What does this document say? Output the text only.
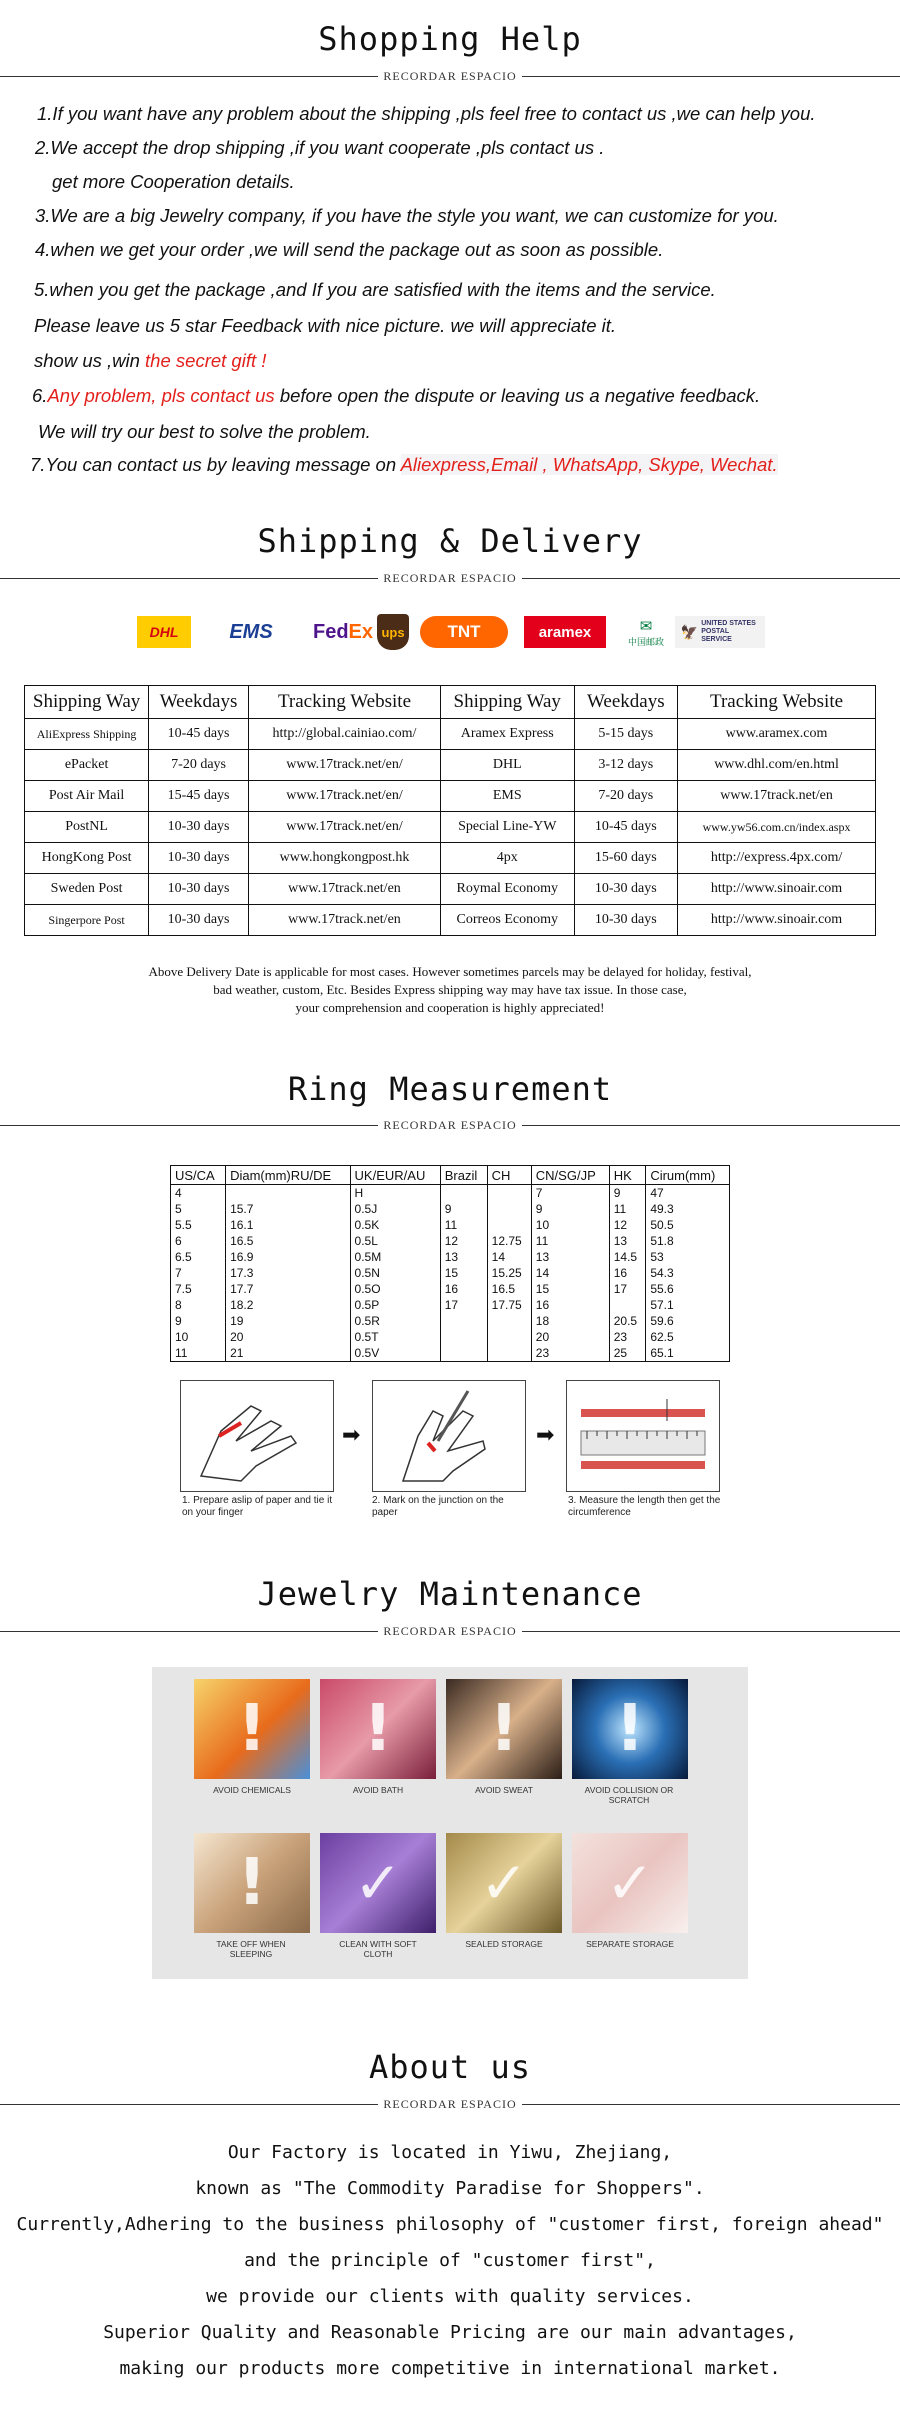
Shopping Help
RECORDAR ESPACIO
1.If you want have any problem about the shipping ,pls feel free to contact us ,we can help you.
2.We accept the drop shipping ,if you want cooperate ,pls contact us .
get more Cooperation details.
3.We are a big Jewelry company, if you have the style you want, we can customize for you.
4.when we get your order ,we will send the package out as soon as possible.
5.when you get the package ,and If you are satisfied with the items and the service.
Please leave us 5 star Feedback with nice picture. we will appreciate it.
show us ,win the secret gift !
6.Any problem, pls contact us before open the dispute or leaving us a negative feedback.
We will try our best to solve the problem.
7.You can contact us by leaving message on Aliexpress,Email , WhatsApp, Skype, Wechat.
Shipping & Delivery
RECORDAR ESPACIO
DHL	EMS	Fed Ex ups	TNT	aramex	✉
中国邮政
🦅
UNITED STATES POSTAL SERVICE
Shipping Way	Weekdays	Tracking Website	Shipping Way	Weekdays	Tracking Website
AliExpress Shipping	10-45 days	http://global.cainiao.com/	Aramex Express	5-15 days	www.aramex.com
ePacket	7-20 days	www.17track.net/en/	DHL	3-12 days	www.dhl.com/en.html
Post Air Mail	15-45 days	www.17track.net/en/	EMS	7-20 days	www.17track.net/en
PostNL	10-30 days	www.17track.net/en/	Special Line-YW	10-45 days	www.yw56.com.cn/index.aspx
HongKong Post	10-30 days	www.hongkongpost.hk	4px	15-60 days	http://express.4px.com/
Sweden Post	10-30 days	www.17track.net/en	Roymal Economy	10-30 days	http://www.sinoair.com
Singerpore Post	10-30 days	www.17track.net/en	Correos Economy	10-30 days	http://www.sinoair.com
Above Delivery Date is applicable for most cases. However sometimes parcels may be delayed for holiday, festival,
bad weather, custom, Etc. Besides Express shipping way may have tax issue. In those case,
your comprehension and cooperation is highly appreciated!
Ring Measurement
RECORDAR ESPACIO
US/CA	Diam(mm)RU/DE	UK/EUR/AU	Brazil	CH	CN/SG/JP	HK	Cirum(mm)
4		H			7	9	47
5	15.7	0.5J	9		9	11	49.3
5.5	16.1	0.5K	11		10	12	50.5
6	16.5	0.5L	12	12.75	11	13	51.8
6.5	16.9	0.5M	13	14	13	14.5	53
7	17.3	0.5N	15	15.25	14	16	54.3
7.5	17.7	0.5O	16	16.5	15	17	55.6
8	18.2	0.5P	17	17.75	16		57.1
9	19	0.5R			18	20.5	59.6
10	20	0.5T			20	23	62.5
11	21	0.5V			23	25	65.1
➡	➡
1. Prepare aslip of paper and tie it on your finger
2. Mark on the junction on the paper
3. Measure the length then get the circumference
Jewelry Maintenance
RECORDAR ESPACIO
!	!	!	!
!	✓	✓	✓
AVOID CHEMICALS	AVOID BATH	AVOID SWEAT	AVOID COLLISION OR SCRATCH
TAKE OFF WHEN SLEEPING
CLEAN WITH SOFT CLOTH
SEALED STORAGE	SEPARATE STORAGE
About us
RECORDAR ESPACIO
Our Factory is located in Yiwu, Zhejiang,
known as "The Commodity Paradise for Shoppers".
Currently,Adhering to the business philosophy of "customer first, foreign ahead"
and the principle of "customer first",
we provide our clients with quality services.
Superior Quality and Reasonable Pricing are our main advantages,
making our products more competitive in international market.
